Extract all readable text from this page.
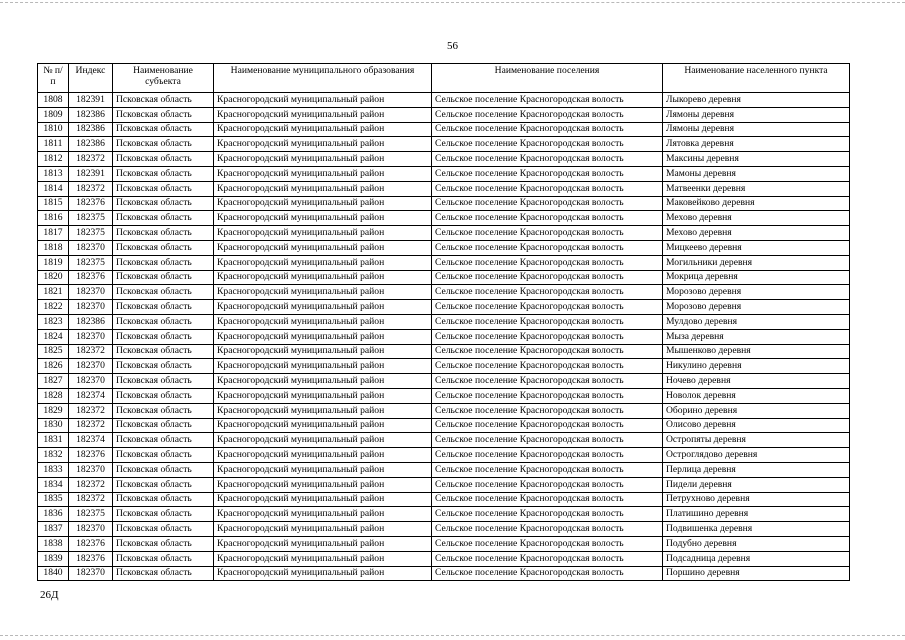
56
№ п/п	Индекс	Наименование субъекта	Наименование муниципального образования	Наименование поселения	Наименование населенного пункта
1808	182391	Псковская область	Красногородский муниципальный район	Сельское поселение Красногородская волость	Лыкорево деревня
1809	182386	Псковская область	Красногородский муниципальный район	Сельское поселение Красногородская волость	Лямоны деревня
1810	182386	Псковская область	Красногородский муниципальный район	Сельское поселение Красногородская волость	Лямоны деревня
1811	182386	Псковская область	Красногородский муниципальный район	Сельское поселение Красногородская волость	Лятовка деревня
1812	182372	Псковская область	Красногородский муниципальный район	Сельское поселение Красногородская волость	Максины деревня
1813	182391	Псковская область	Красногородский муниципальный район	Сельское поселение Красногородская волость	Мамоны деревня
1814	182372	Псковская область	Красногородский муниципальный район	Сельское поселение Красногородская волость	Матвеенки деревня
1815	182376	Псковская область	Красногородский муниципальный район	Сельское поселение Красногородская волость	Маковейково деревня
1816	182375	Псковская область	Красногородский муниципальный район	Сельское поселение Красногородская волость	Мехово деревня
1817	182375	Псковская область	Красногородский муниципальный район	Сельское поселение Красногородская волость	Мехово деревня
1818	182370	Псковская область	Красногородский муниципальный район	Сельское поселение Красногородская волость	Мицкеево деревня
1819	182375	Псковская область	Красногородский муниципальный район	Сельское поселение Красногородская волость	Могильники деревня
1820	182376	Псковская область	Красногородский муниципальный район	Сельское поселение Красногородская волость	Мокрица деревня
1821	182370	Псковская область	Красногородский муниципальный район	Сельское поселение Красногородская волость	Морозово деревня
1822	182370	Псковская область	Красногородский муниципальный район	Сельское поселение Красногородская волость	Морозово деревня
1823	182386	Псковская область	Красногородский муниципальный район	Сельское поселение Красногородская волость	Мулдово деревня
1824	182370	Псковская область	Красногородский муниципальный район	Сельское поселение Красногородская волость	Мыза деревня
1825	182372	Псковская область	Красногородский муниципальный район	Сельское поселение Красногородская волость	Мышенково деревня
1826	182370	Псковская область	Красногородский муниципальный район	Сельское поселение Красногородская волость	Никулино деревня
1827	182370	Псковская область	Красногородский муниципальный район	Сельское поселение Красногородская волость	Ночево деревня
1828	182374	Псковская область	Красногородский муниципальный район	Сельское поселение Красногородская волость	Новолок деревня
1829	182372	Псковская область	Красногородский муниципальный район	Сельское поселение Красногородская волость	Оборино деревня
1830	182372	Псковская область	Красногородский муниципальный район	Сельское поселение Красногородская волость	Олисово деревня
1831	182374	Псковская область	Красногородский муниципальный район	Сельское поселение Красногородская волость	Остропяты деревня
1832	182376	Псковская область	Красногородский муниципальный район	Сельское поселение Красногородская волость	Остроглядово деревня
1833	182370	Псковская область	Красногородский муниципальный район	Сельское поселение Красногородская волость	Перлица деревня
1834	182372	Псковская область	Красногородский муниципальный район	Сельское поселение Красногородская волость	Пидели деревня
1835	182372	Псковская область	Красногородский муниципальный район	Сельское поселение Красногородская волость	Петрухново деревня
1836	182375	Псковская область	Красногородский муниципальный район	Сельское поселение Красногородская волость	Платишино деревня
1837	182370	Псковская область	Красногородский муниципальный район	Сельское поселение Красногородская волость	Подвишенка деревня
1838	182376	Псковская область	Красногородский муниципальный район	Сельское поселение Красногородская волость	Подубно деревня
1839	182376	Псковская область	Красногородский муниципальный район	Сельское поселение Красногородская волость	Подсадница деревня
1840	182370	Псковская область	Красногородский муниципальный район	Сельское поселение Красногородская волость	Поршино деревня
26Д
